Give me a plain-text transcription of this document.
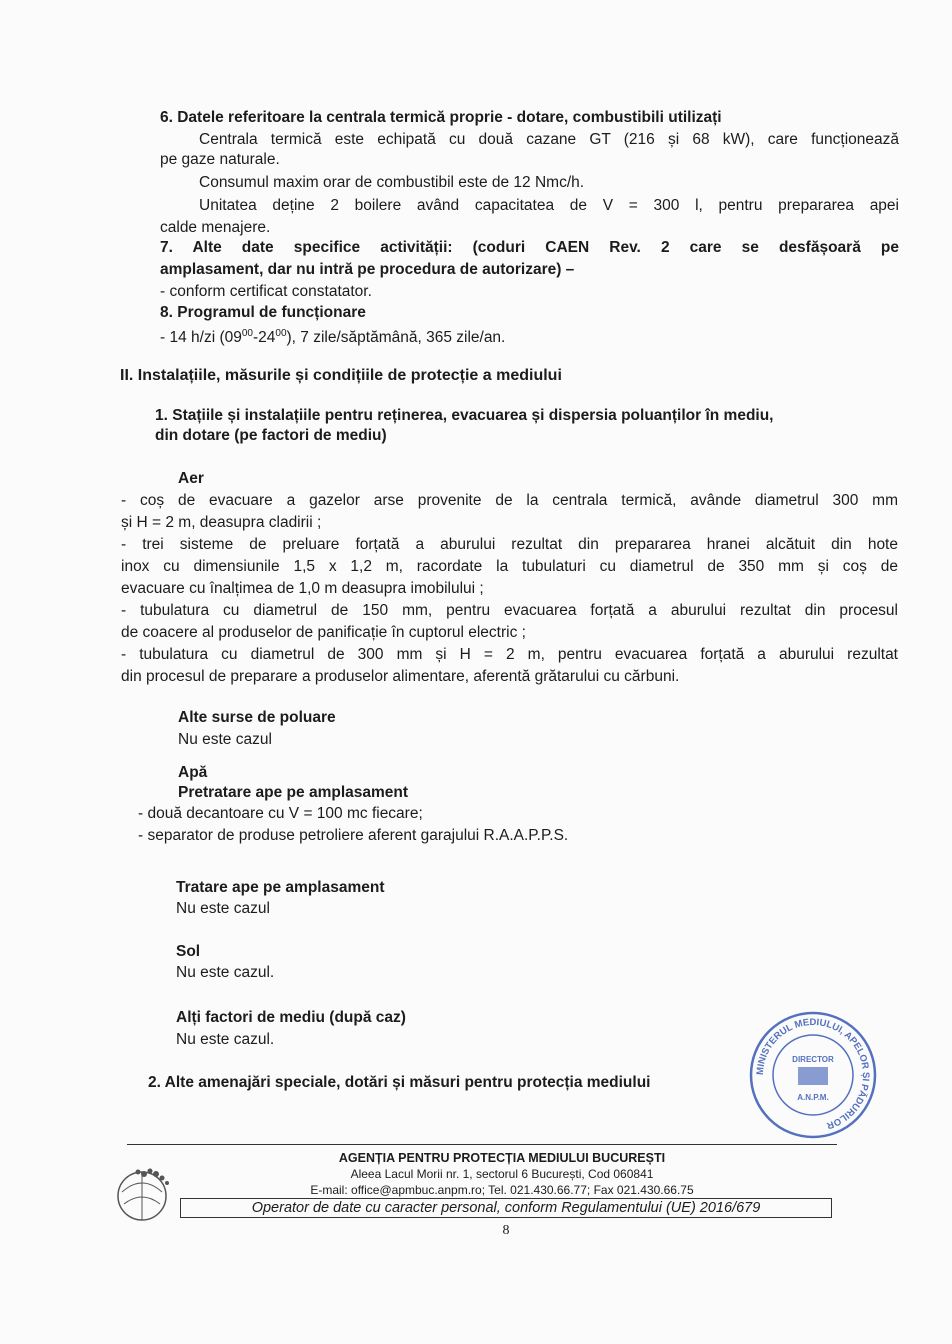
6. Datele referitoare la centrala termică proprie - dotare, combustibili utilizați
Centrala termică este echipată cu două cazane GT (216 și 68 kW), care funcționează
pe gaze naturale.
Consumul maxim orar de combustibil este de 12 Nmc/h.
Unitatea deține 2 boilere având capacitatea de V = 300 l, pentru prepararea apei
calde menajere.
7. Alte date specifice activității: (coduri CAEN Rev. 2 care se desfășoară pe
amplasament, dar nu intră pe procedura de autorizare) –
- conform certificat constatator.
8. Programul de funcționare
- 14 h/zi $(09^{00}-24^{00})$, 7 zile/săptămână, 365 zile/an.
II. Instalațiile, măsurile și condițiile de protecție a mediului
1. Stațiile și instalațiile pentru reținerea, evacuarea și dispersia poluanților în mediu,
din dotare (pe factori de mediu)
Aer
- coș de evacuare a gazelor arse provenite de la centrala termică, avânde diametrul 300 mm
și H = 2 m, deasupra cladirii ;
- trei sisteme de preluare forțată a aburului rezultat din prepararea hranei alcătuit din hote
inox cu dimensiunile 1,5 x 1,2 m, racordate la tubulaturi cu diametrul de 350 mm și coș de
evacuare cu înalțimea de 1,0 m deasupra imobilului ;
- tubulatura cu diametrul de 150 mm, pentru evacuarea forțată a aburului rezultat din procesul
de coacere al produselor de panificație în cuptorul electric ;
- tubulatura cu diametrul de 300 mm și H = 2 m, pentru evacuarea forțată a aburului rezultat
din procesul de preparare a produselor alimentare, aferentă grătarului cu cărbuni.
Alte surse de poluare
Nu este cazul
Apă
Pretratare ape pe amplasament
- două decantoare cu V = 100 mc fiecare;
- separator de produse petroliere aferent garajului R.A.A.P.P.S.
Tratare ape pe amplasament
Nu este cazul
Sol
Nu este cazul.
Alți factori de mediu (după caz)
Nu este cazul.
2. Alte amenajări speciale, dotări și măsuri pentru protecția mediului
MINISTERUL MEDIULUI, APELOR ȘI PĂDURILOR
DIRECTOR
A.N.P.M.
AGENȚIA PENTRU PROTECȚIA MEDIULUI BUCUREȘTI
Aleea Lacul Morii nr. 1, sectorul 6 București, Cod 060841
E-mail: office@apmbuc.anpm.ro; Tel. 021.430.66.77; Fax 021.430.66.75
Operator de date cu caracter personal, conform Regulamentului (UE) 2016/679
8
